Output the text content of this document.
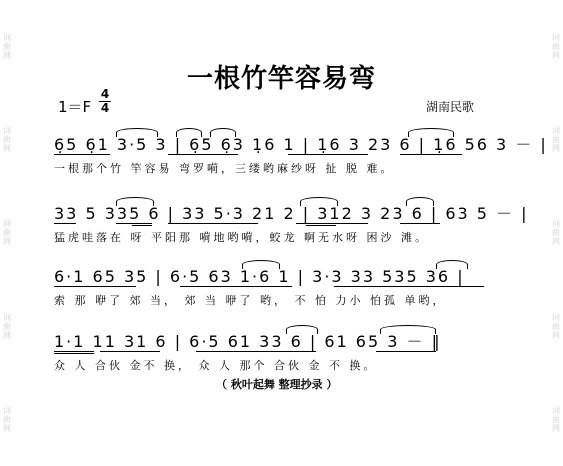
词
曲
网
词
曲
网
词
曲
网
词
曲
网
词
曲
网
词
曲
网
词
曲
网
词
曲
网
词
曲
网
词
曲
网
一根竹竿容易弯
1＝F
4
4	湖南民歌
6̣5 6̣1 3·5 3 | 6̣5 6̣3 1̣6 1 | 1̣6 3 23 6 | 1̣6 56 3 － |
一根那个竹 竿容易 弯罗嗬，三缕哟麻纱呀 扯 脱 难。
33 5 335 6 | 33 5·3 21 2 | 312 3 23 6 | 63 5 － |
猛虎哇落在 呀 平阳那 嗬地哟嗬，蛟龙 啊无水呀 困沙 滩。
6·1 65 35 | 6·5 63 1·6 1 | 3·3 33 535 36 |
索 那 咿了 郊 当， 郊 当 咿了 哟， 不 怕 力小 怕孤 单哟，
1·1 11 31 6 | 6·5 61 33 6 | 61 65 3 － ‖
众 人 合伙 金不 换， 众 人 那个 合伙 金 不 换。
（ 秋叶起舞 整理抄录 ）
